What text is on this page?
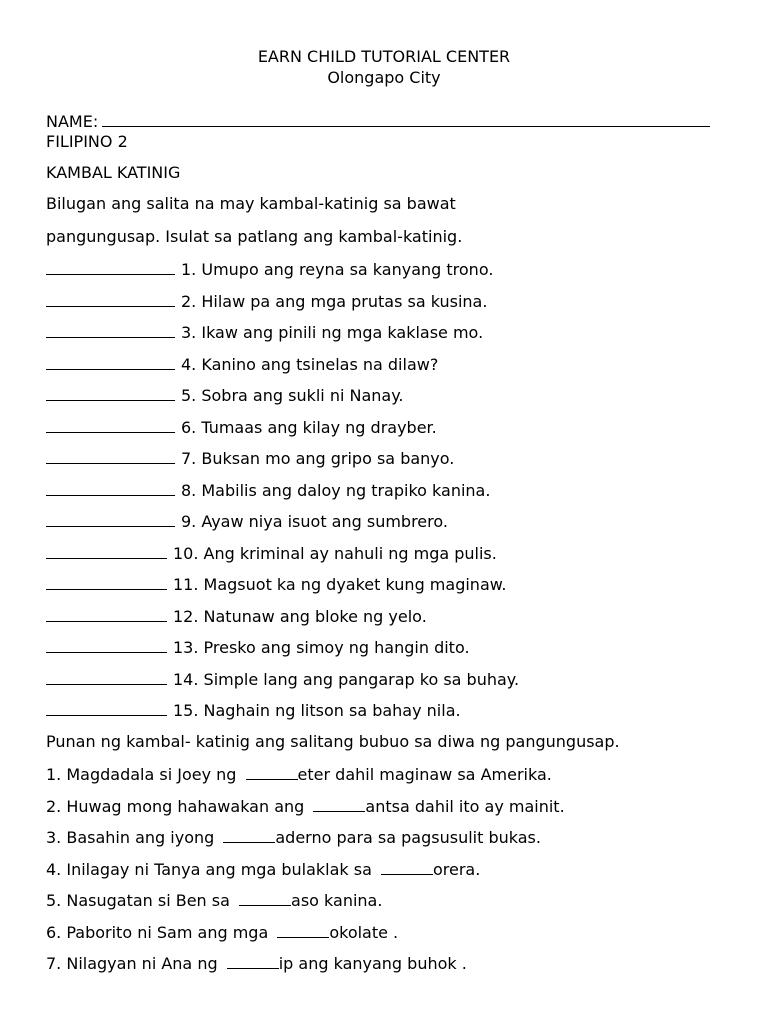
EARN CHILD TUTORIAL CENTER
Olongapo City
NAME:
FILIPINO 2
KAMBAL KATINIG
Bilugan ang salita na may kambal-katinig sa bawat
pangungusap. Isulat sa patlang ang kambal-katinig.
1. Umupo ang reyna sa kanyang trono.
2. Hilaw pa ang mga prutas sa kusina.
3. Ikaw ang pinili ng mga kaklase mo.
4. Kanino ang tsinelas na dilaw?
5. Sobra ang sukli ni Nanay.
6. Tumaas ang kilay ng drayber.
7. Buksan mo ang gripo sa banyo.
8. Mabilis ang daloy ng trapiko kanina.
9. Ayaw niya isuot ang sumbrero.
10. Ang kriminal ay nahuli ng mga pulis.
11. Magsuot ka ng dyaket kung maginaw.
12. Natunaw ang bloke ng yelo.
13. Presko ang simoy ng hangin dito.
14. Simple lang ang pangarap ko sa buhay.
15. Naghain ng litson sa bahay nila.
Punan ng kambal- katinig ang salitang bubuo sa diwa ng pangungusap.
1. Magdadala si Joey ng	eter dahil maginaw sa Amerika.
2. Huwag mong hahawakan ang	antsa dahil ito ay mainit.
3. Basahin ang iyong	aderno para sa pagsusulit bukas.
4. Inilagay ni Tanya ang mga bulaklak sa	orera.
5. Nasugatan si Ben sa	aso kanina.
6. Paborito ni Sam ang mga	okolate .
7. Nilagyan ni Ana ng	ip ang kanyang buhok .
